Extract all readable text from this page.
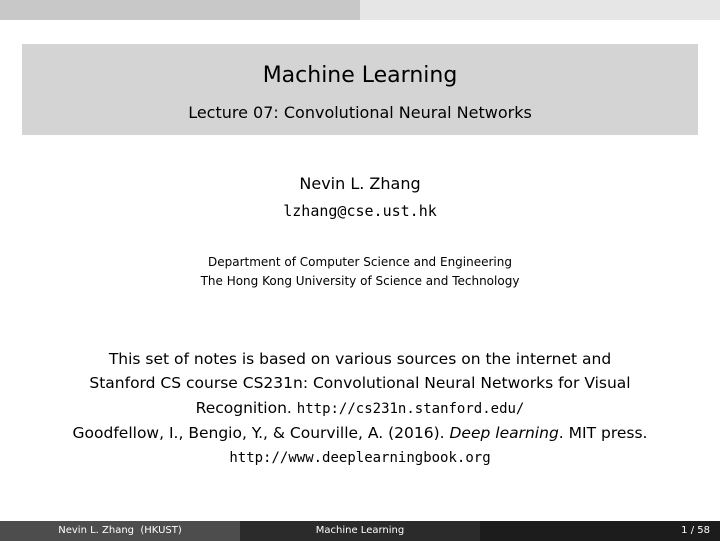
Machine Learning
Lecture 07: Convolutional Neural Networks
Nevin L. Zhang
lzhang@cse.ust.hk
Department of Computer Science and Engineering
The Hong Kong University of Science and Technology
This set of notes is based on various sources on the internet and
Stanford CS course CS231n: Convolutional Neural Networks for Visual
Recognition. http://cs231n.stanford.edu/
Goodfellow, I., Bengio, Y., & Courville, A. (2016). Deep learning. MIT press.
http://www.deeplearningbook.org
Nevin L. Zhang  (HKUST)	Machine Learning	1 / 58
